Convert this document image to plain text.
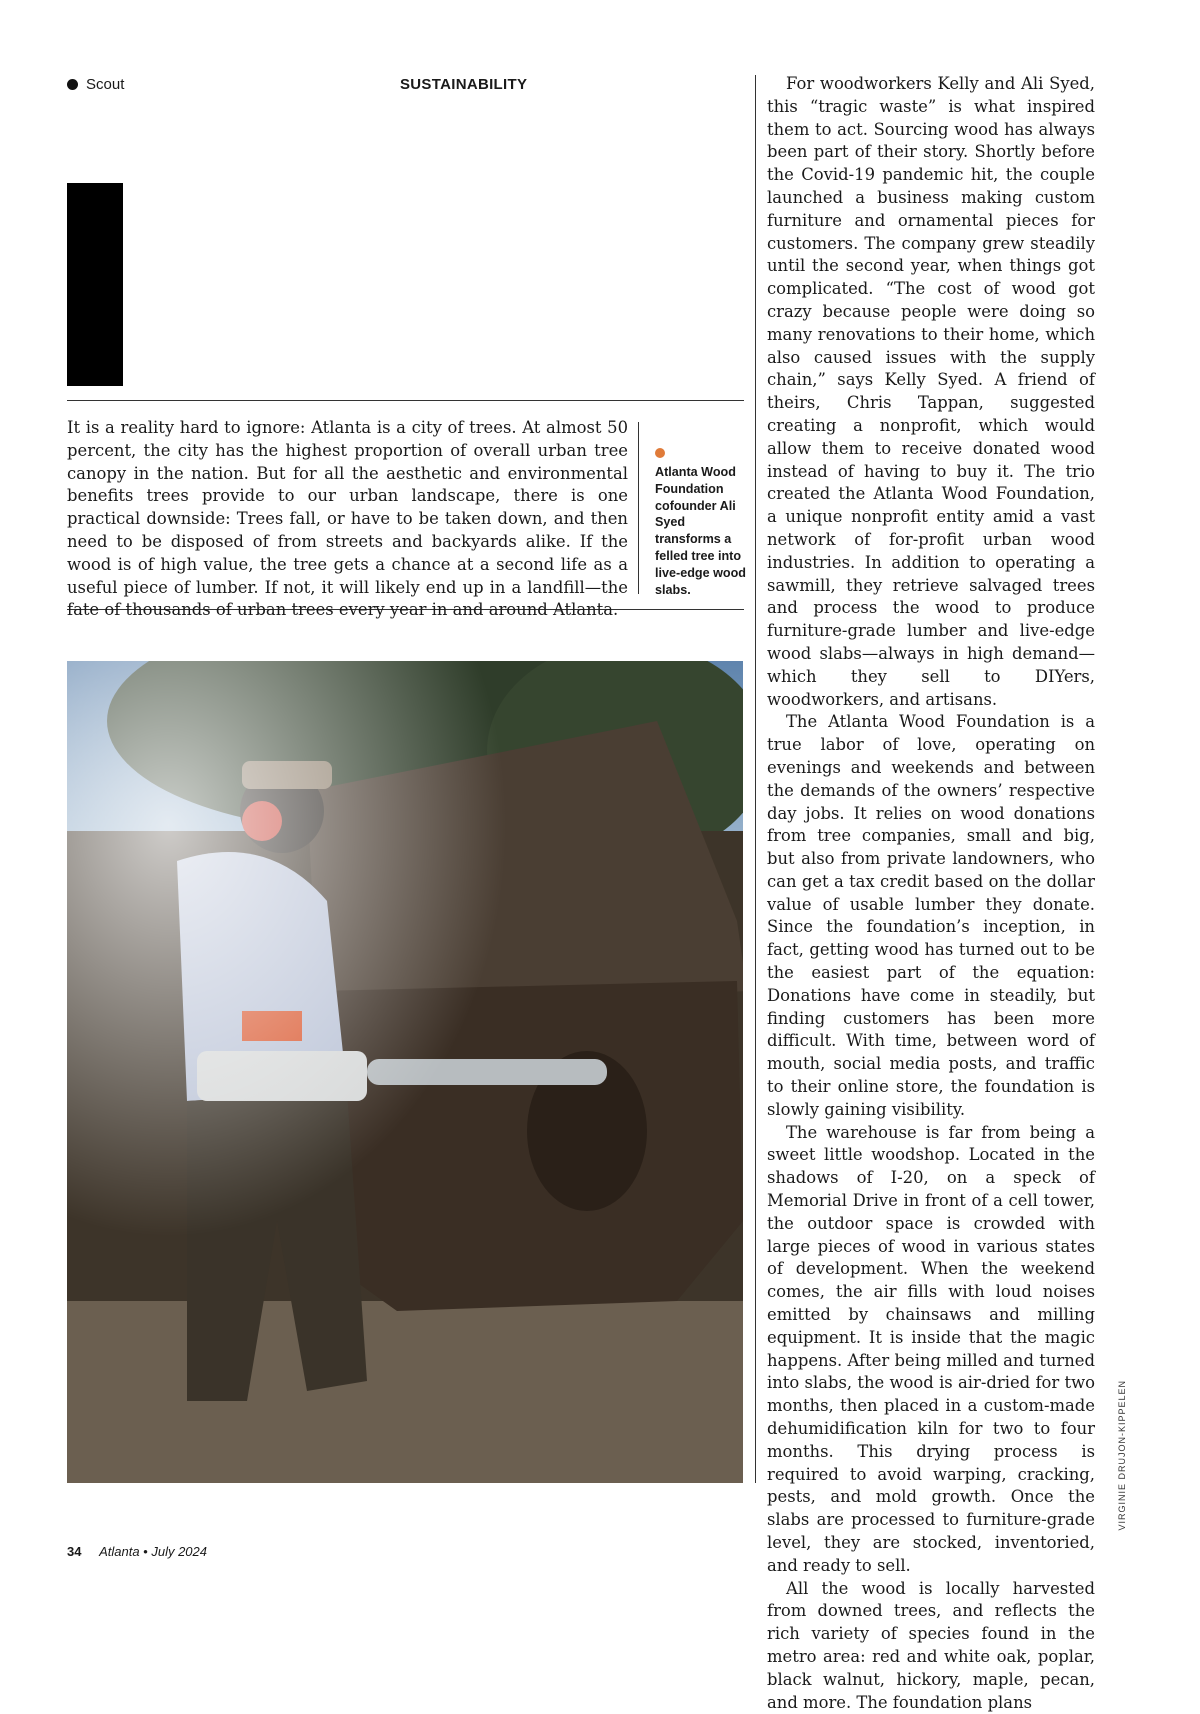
Scout	SUSTAINABILITY

It is a reality hard to ignore: Atlanta is a city of trees. At almost 50 percent, the city has the highest proportion of overall urban tree canopy in the nation. But for all the aesthetic and environmental benefits trees provide to our urban landscape, there is one practical downside: Trees fall, or have to be taken down, and then need to be disposed of from streets and backyards alike. If the wood is of high value, the tree gets a chance at a second life as a useful piece of lumber. If not, it will likely end up in a landfill—the fate of thousands of urban trees every year in and around Atlanta.

Atlanta Wood Foundation cofounder Ali Syed transforms a felled tree into live-edge wood slabs.

For woodworkers Kelly and Ali Syed, this “tragic waste” is what inspired them to act. Sourcing wood has always been part of their story. Shortly before the Covid-19 pandemic hit, the couple launched a business making custom furniture and ornamental pieces for customers. The company grew steadily until the second year, when things got complicated. “The cost of wood got crazy because people were doing so many renovations to their home, which also caused issues with the supply chain,” says Kelly Syed. A friend of theirs, Chris Tappan, suggested creating a nonprofit, which would allow them to receive donated wood instead of having to buy it. The trio created the Atlanta Wood Foundation, a unique nonprofit entity amid a vast network of for-profit urban wood industries. In addition to operating a sawmill, they retrieve salvaged trees and process the wood to produce furniture-grade lumber and live-edge wood slabs—always in high demand—which they sell to DIYers, woodworkers, and artisans.

The Atlanta Wood Foundation is a true labor of love, operating on evenings and weekends and between the demands of the owners’ respective day jobs. It relies on wood donations from tree companies, small and big, but also from private landowners, who can get a tax credit based on the dollar value of usable lumber they donate. Since the foundation’s inception, in fact, getting wood has turned out to be the easiest part of the equation: Donations have come in steadily, but finding customers has been more difficult. With time, between word of mouth, social media posts, and traffic to their online store, the foundation is slowly gaining visibility.

The warehouse is far from being a sweet little woodshop. Located in the shadows of I-20, on a speck of Memorial Drive in front of a cell tower, the outdoor space is crowded with large pieces of wood in various states of development. When the weekend comes, the air fills with loud noises emitted by chainsaws and milling equipment. It is inside that the magic happens. After being milled and turned into slabs, the wood is air-dried for two months, then placed in a custom-made dehumidification kiln for two to four months. This drying process is required to avoid warping, cracking, pests, and mold growth. Once the slabs are processed to furniture-grade level, they are stocked, inventoried, and ready to sell.

All the wood is locally harvested from downed trees, and reflects the rich variety of species found in the metro area: red and white oak, poplar, black walnut, hickory, maple, pecan, and more. The foundation plans

VIRGINIE DRUJON-KIPPELEN
34 Atlanta • July 2024
